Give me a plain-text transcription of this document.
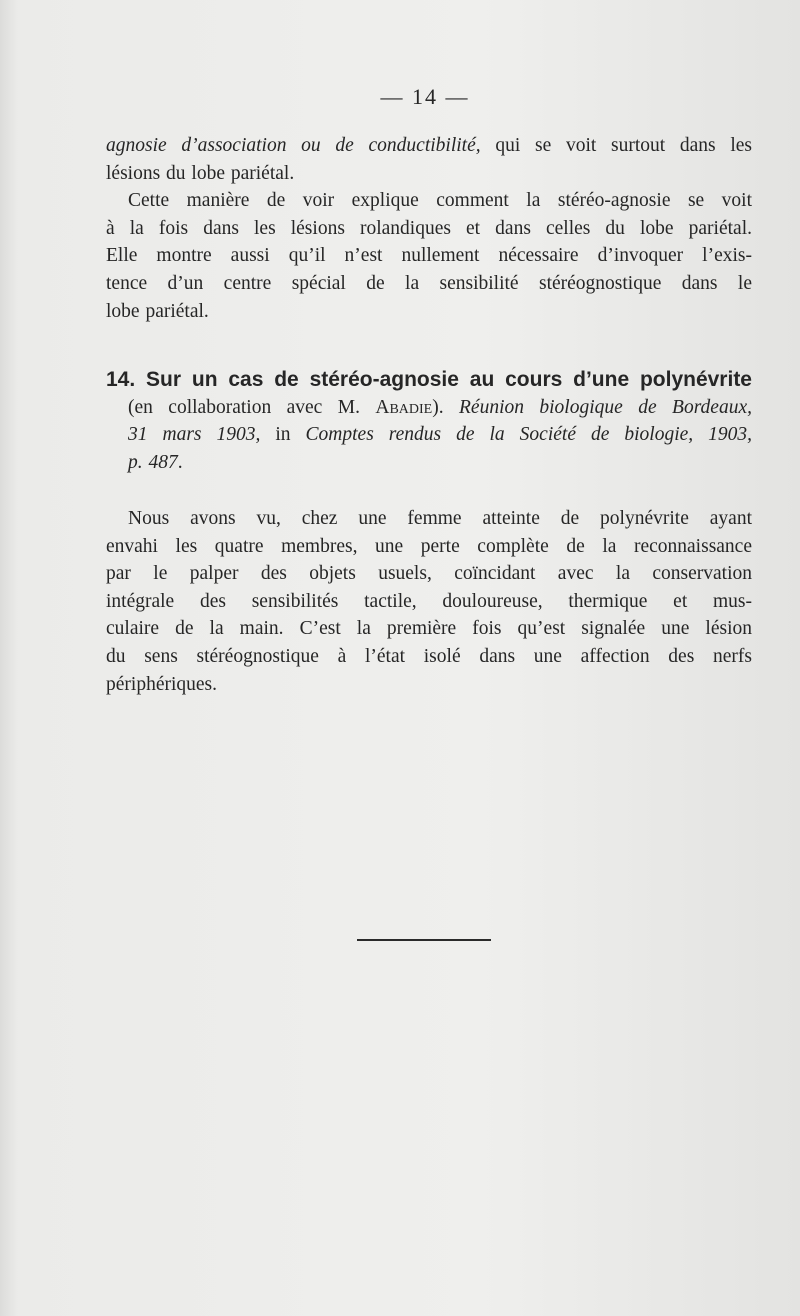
— 14 —
agnosie d’association ou de conductibilité, qui se voit surtout dans les
lésions du lobe pariétal.
Cette manière de voir explique comment la stéréo-agnosie se voit
à la fois dans les lésions rolandiques et dans celles du lobe pariétal.
Elle montre aussi qu’il n’est nullement nécessaire d’invoquer l’exis-
tence d’un centre spécial de la sensibilité stéréognostique dans le
lobe pariétal.
14. Sur un cas de stéréo-agnosie au cours d’une polynévrite
(en collaboration avec M. Abadie). Réunion biologique de Bordeaux,
31 mars 1903, in Comptes rendus de la Société de biologie, 1903,
p. 487.
Nous avons vu, chez une femme atteinte de polynévrite ayant
envahi les quatre membres, une perte complète de la reconnaissance
par le palper des objets usuels, coïncidant avec la conservation
intégrale des sensibilités tactile, douloureuse, thermique et mus-
culaire de la main. C’est la première fois qu’est signalée une lésion
du sens stéréognostique à l’état isolé dans une affection des nerfs
périphériques.
